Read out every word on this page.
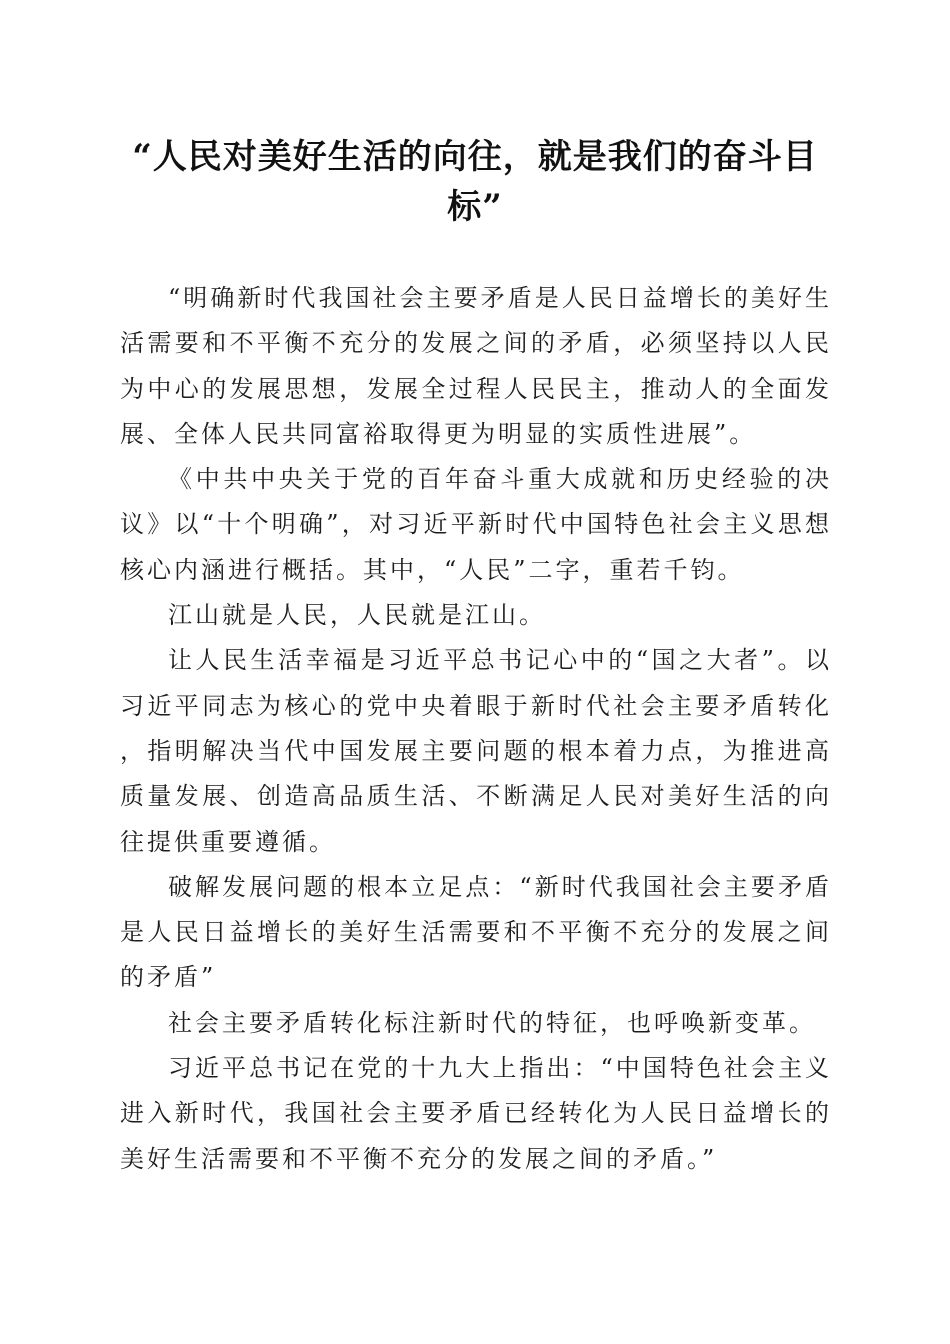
“人民对美好生活的向往，就是我们的奋斗目标”

“明确新时代我国社会主要矛盾是人民日益增长的美好生活需要和不平衡不充分的发展之间的矛盾，必须坚持以人民为中心的发展思想，发展全过程人民民主，推动人的全面发展、全体人民共同富裕取得更为明显的实质性进展”。

《中共中央关于党的百年奋斗重大成就和历史经验的决议》以“十个明确”，对习近平新时代中国特色社会主义思想核心内涵进行概括。其中，“人民”二字，重若千钧。

江山就是人民，人民就是江山。

让人民生活幸福是习近平总书记心中的“国之大者”。以习近平同志为核心的党中央着眼于新时代社会主要矛盾转化，指明解决当代中国发展主要问题的根本着力点，为推进高质量发展、创造高品质生活、不断满足人民对美好生活的向往提供重要遵循。

破解发展问题的根本立足点：“新时代我国社会主要矛盾是人民日益增长的美好生活需要和不平衡不充分的发展之间的矛盾”

社会主要矛盾转化标注新时代的特征，也呼唤新变革。

习近平总书记在党的十九大上指出：“中国特色社会主义进入新时代，我国社会主要矛盾已经转化为人民日益增长的美好生活需要和不平衡不充分的发展之间的矛盾。”
